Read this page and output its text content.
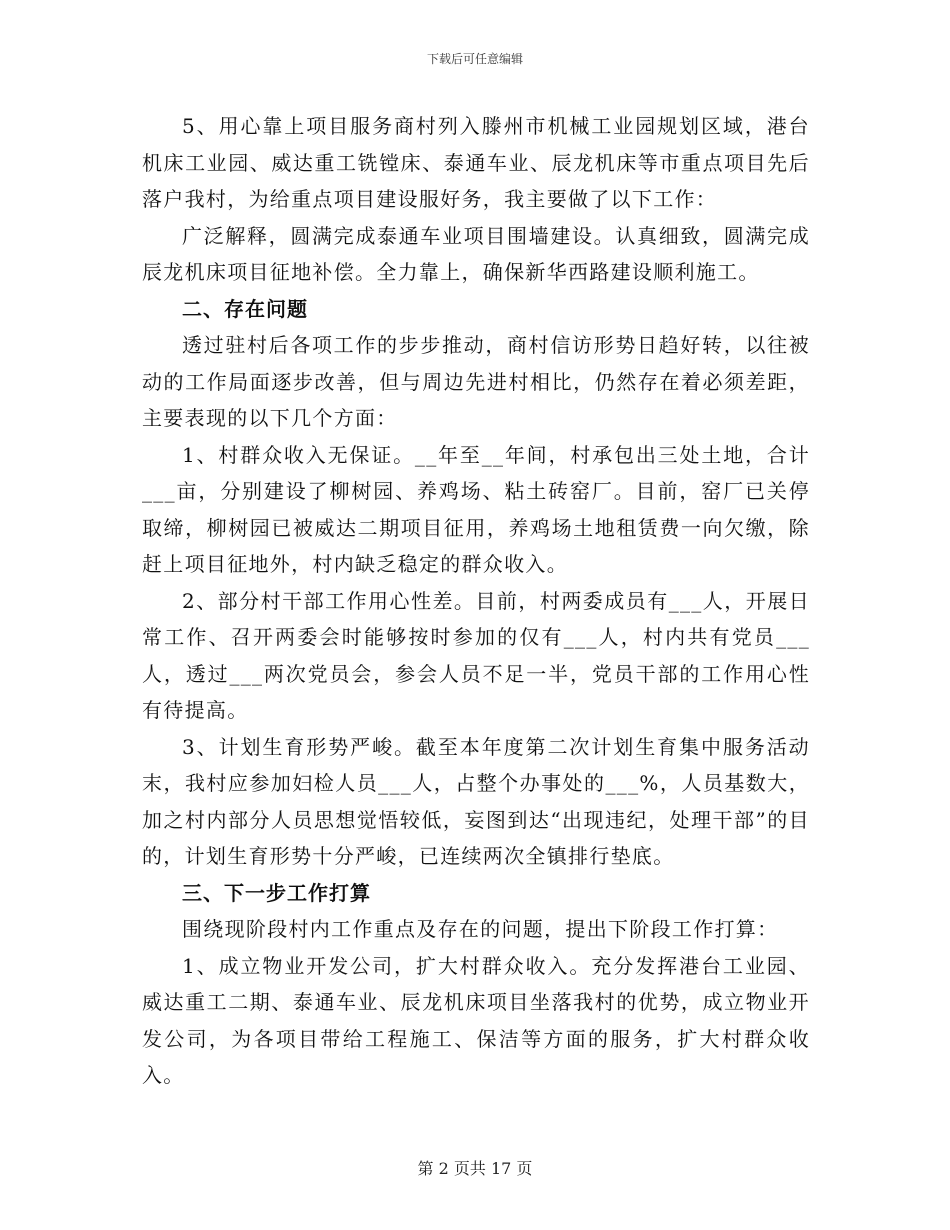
下载后可任意编辑

5、用心靠上项目服务商村列入滕州市机械工业园规划区域，港台机床工业园、威达重工铣镗床、泰通车业、辰龙机床等市重点项目先后落户我村，为给重点项目建设服好务，我主要做了以下工作：

广泛解释，圆满完成泰通车业项目围墙建设。认真细致，圆满完成辰龙机床项目征地补偿。全力靠上，确保新华西路建设顺利施工。

二、存在问题

透过驻村后各项工作的步步推动，商村信访形势日趋好转，以往被动的工作局面逐步改善，但与周边先进村相比，仍然存在着必须差距，主要表现的以下几个方面：

1、村群众收入无保证。__年至__年间，村承包出三处土地，合计___亩，分别建设了柳树园、养鸡场、粘土砖窑厂。目前，窑厂已关停取缔，柳树园已被威达二期项目征用，养鸡场土地租赁费一向欠缴，除赶上项目征地外，村内缺乏稳定的群众收入。

2、部分村干部工作用心性差。目前，村两委成员有___人，开展日常工作、召开两委会时能够按时参加的仅有___人，村内共有党员___人，透过___两次党员会，参会人员不足一半，党员干部的工作用心性有待提高。

3、计划生育形势严峻。截至本年度第二次计划生育集中服务活动末，我村应参加妇检人员___人，占整个办事处的___%，人员基数大，加之村内部分人员思想觉悟较低，妄图到达“出现违纪，处理干部”的目的，计划生育形势十分严峻，已连续两次全镇排行垫底。

三、下一步工作打算

围绕现阶段村内工作重点及存在的问题，提出下阶段工作打算：

1、成立物业开发公司，扩大村群众收入。充分发挥港台工业园、威达重工二期、泰通车业、辰龙机床项目坐落我村的优势，成立物业开发公司，为各项目带给工程施工、保洁等方面的服务，扩大村群众收入。

第 2 页共 17 页
